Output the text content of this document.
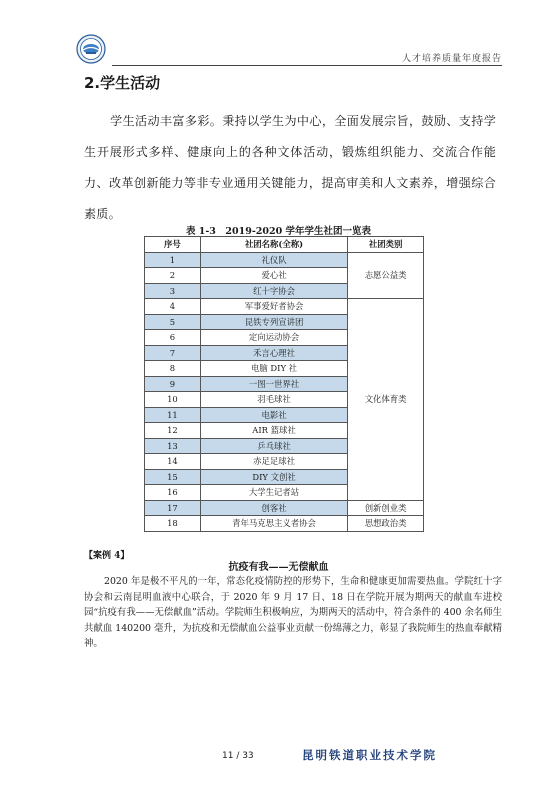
人才培养质量年度报告
2.学生活动
学生活动丰富多彩。秉持以学生为中心，全面发展宗旨，鼓励、支持学生开展形式多样、健康向上的各种文体活动，锻炼组织能力、交流合作能力、改革创新能力等非专业通用关键能力，提高审美和人文素养，增强综合素质。
表 1-3　2019-2020 学年学生社团一览表
序号	社团名称(全称)	社团类别
1	礼仪队	志愿公益类
2	爱心社	
3	红十字协会	
4	军事爱好者协会	文化体育类
5	昆铁专列宣讲团	
6	定向运动协会	
7	禾言心理社	
8	电脑 DIY 社	
9	一图一世界社	
10	羽毛球社	
11	电影社	
12	AIR 篮球社	
13	乒乓球社	
14	赤足足球社	
15	DIY 文创社	
16	大学生记者站	
17	创客社	创新创业类
18	青年马克思主义者协会	思想政治类
【案例 4】
抗疫有我——无偿献血
2020 年是极不平凡的一年，常态化疫情防控的形势下，生命和健康更加需要热血。学院红十字协会和云南昆明血液中心联合，于 2020 年 9 月 17 日、18 日在学院开展为期两天的献血车进校园“抗疫有我——无偿献血”活动。学院师生积极响应，为期两天的活动中，符合条件的 400 余名师生共献血 140200 毫升，为抗疫和无偿献血公益事业贡献一份绵薄之力，彰显了我院师生的热血奉献精神。
11 / 33	昆明铁道职业技术学院
